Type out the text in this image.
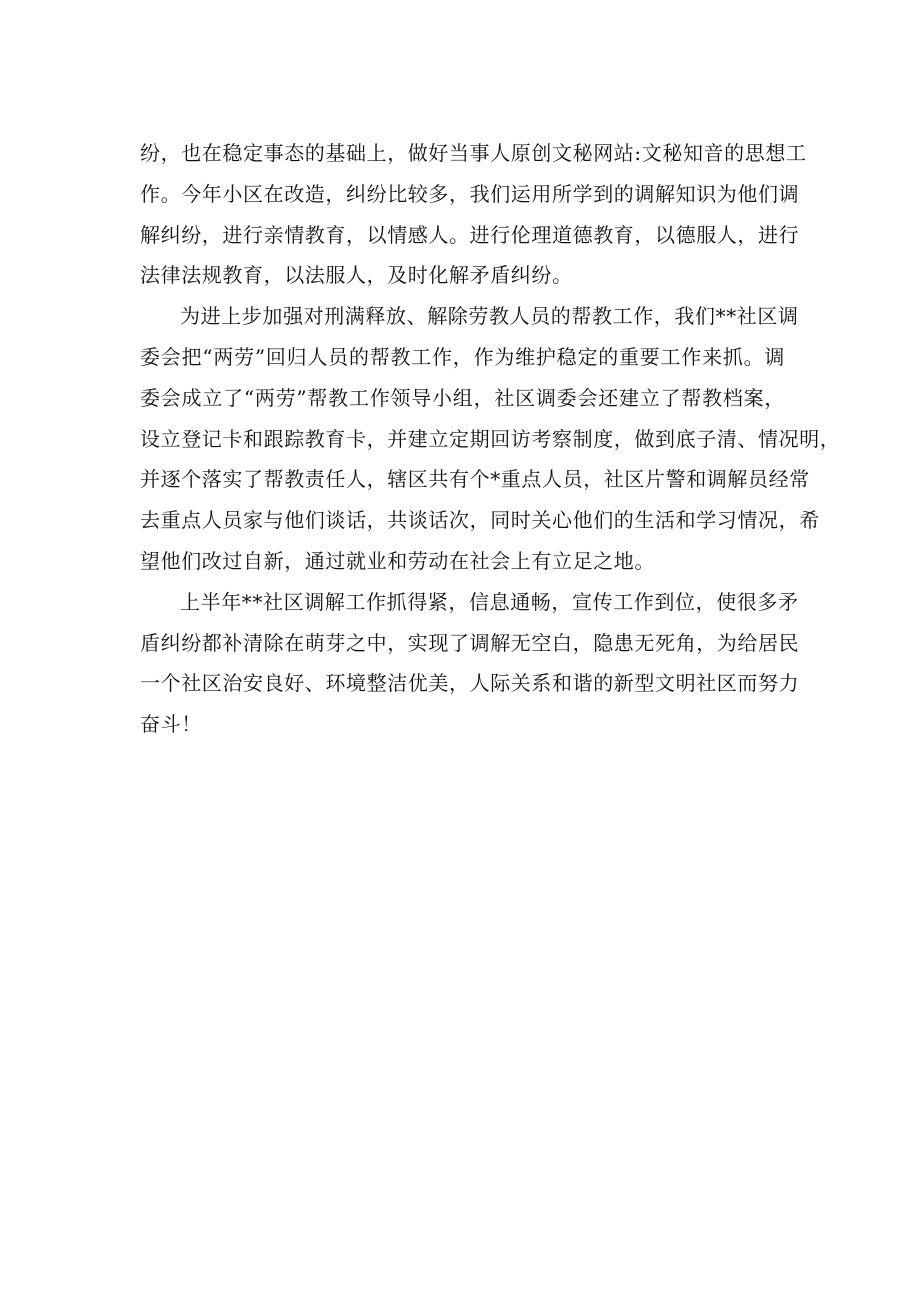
纷，也在稳定事态的基础上，做好当事人原创文秘网站:文秘知音的思想工
作。今年小区在改造，纠纷比较多，我们运用所学到的调解知识为他们调
解纠纷，进行亲情教育，以情感人。进行伦理道德教育，以德服人，进行
法律法规教育，以法服人，及时化解矛盾纠纷。
为进上步加强对刑满释放、解除劳教人员的帮教工作，我们**社区调
委会把“两劳”回归人员的帮教工作，作为维护稳定的重要工作来抓。调
委会成立了“两劳”帮教工作领导小组，社区调委会还建立了帮教档案，
设立登记卡和跟踪教育卡，并建立定期回访考察制度，做到底子清、情况明，
并逐个落实了帮教责任人，辖区共有个*重点人员，社区片警和调解员经常
去重点人员家与他们谈话，共谈话次，同时关心他们的生活和学习情况，希
望他们改过自新，通过就业和劳动在社会上有立足之地。
上半年**社区调解工作抓得紧，信息通畅，宣传工作到位，使很多矛
盾纠纷都补清除在萌芽之中，实现了调解无空白，隐患无死角，为给居民
一个社区治安良好、环境整洁优美，人际关系和谐的新型文明社区而努力
奋斗！
